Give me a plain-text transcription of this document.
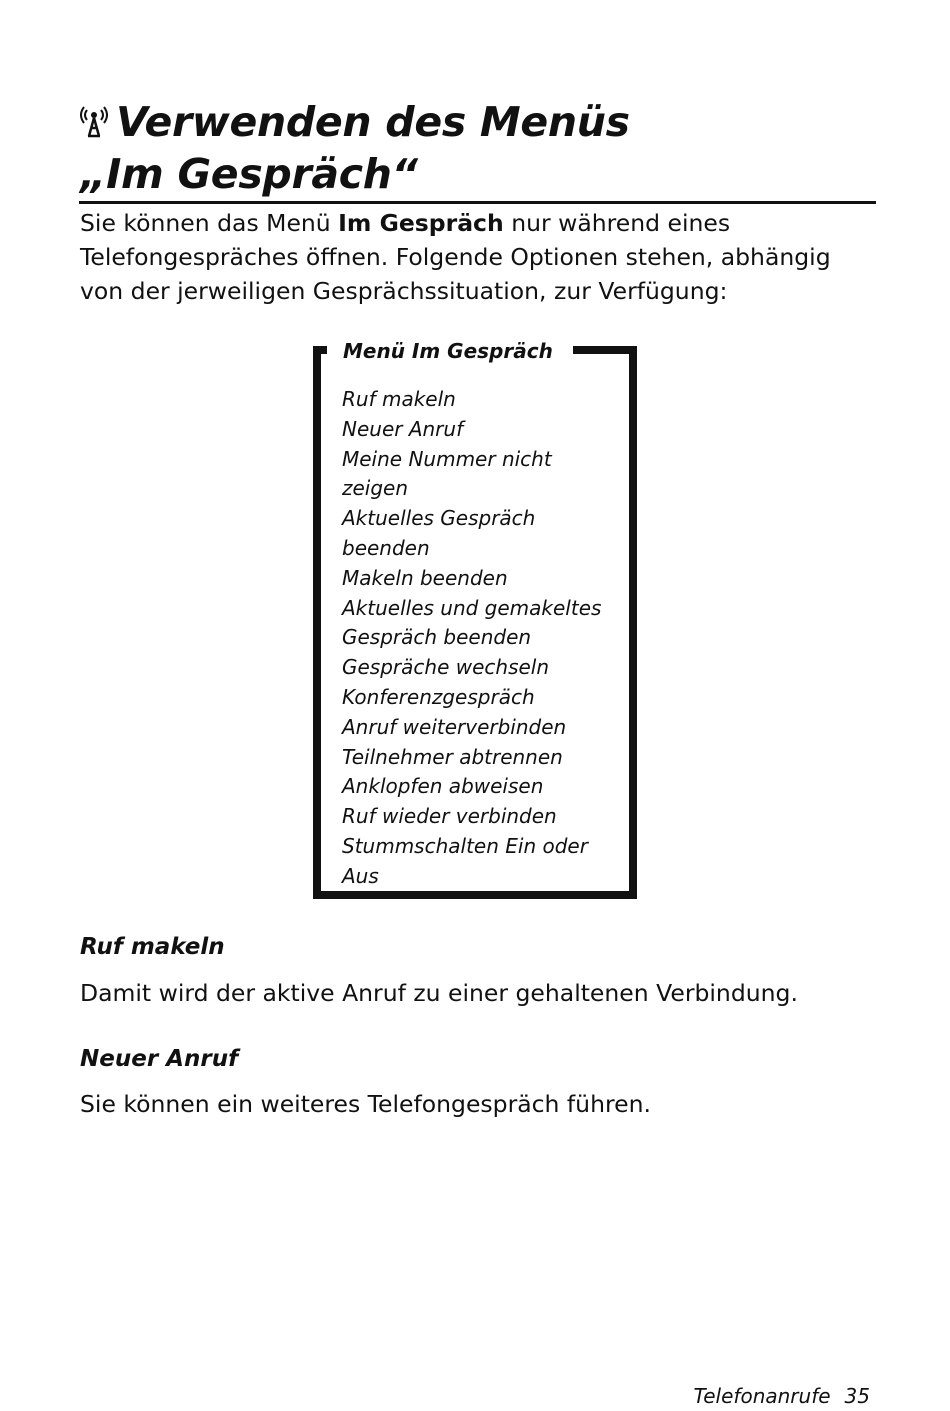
Verwenden des Menüs
„Im Gespräch“

Sie können das Menü Im Gespräch nur während eines Telefongespräches öffnen. Folgende Optionen stehen, abhängig von der jerweiligen Gesprächssituation, zur Verfügung:

Menü Im Gespräch
Ruf makeln
Neuer Anruf
Meine Nummer nicht zeigen
Aktuelles Gespräch beenden
Makeln beenden
Aktuelles und gemakeltes Gespräch beenden
Gespräche wechseln
Konferenzgespräch
Anruf weiterverbinden
Teilnehmer abtrennen
Anklopfen abweisen
Ruf wieder verbinden
Stummschalten Ein oder Aus
Ruf makeln

Damit wird der aktive Anruf zu einer gehaltenen Verbindung.

Neuer Anruf

Sie können ein weiteres Telefongespräch führen.

Telefonanrufe 35
